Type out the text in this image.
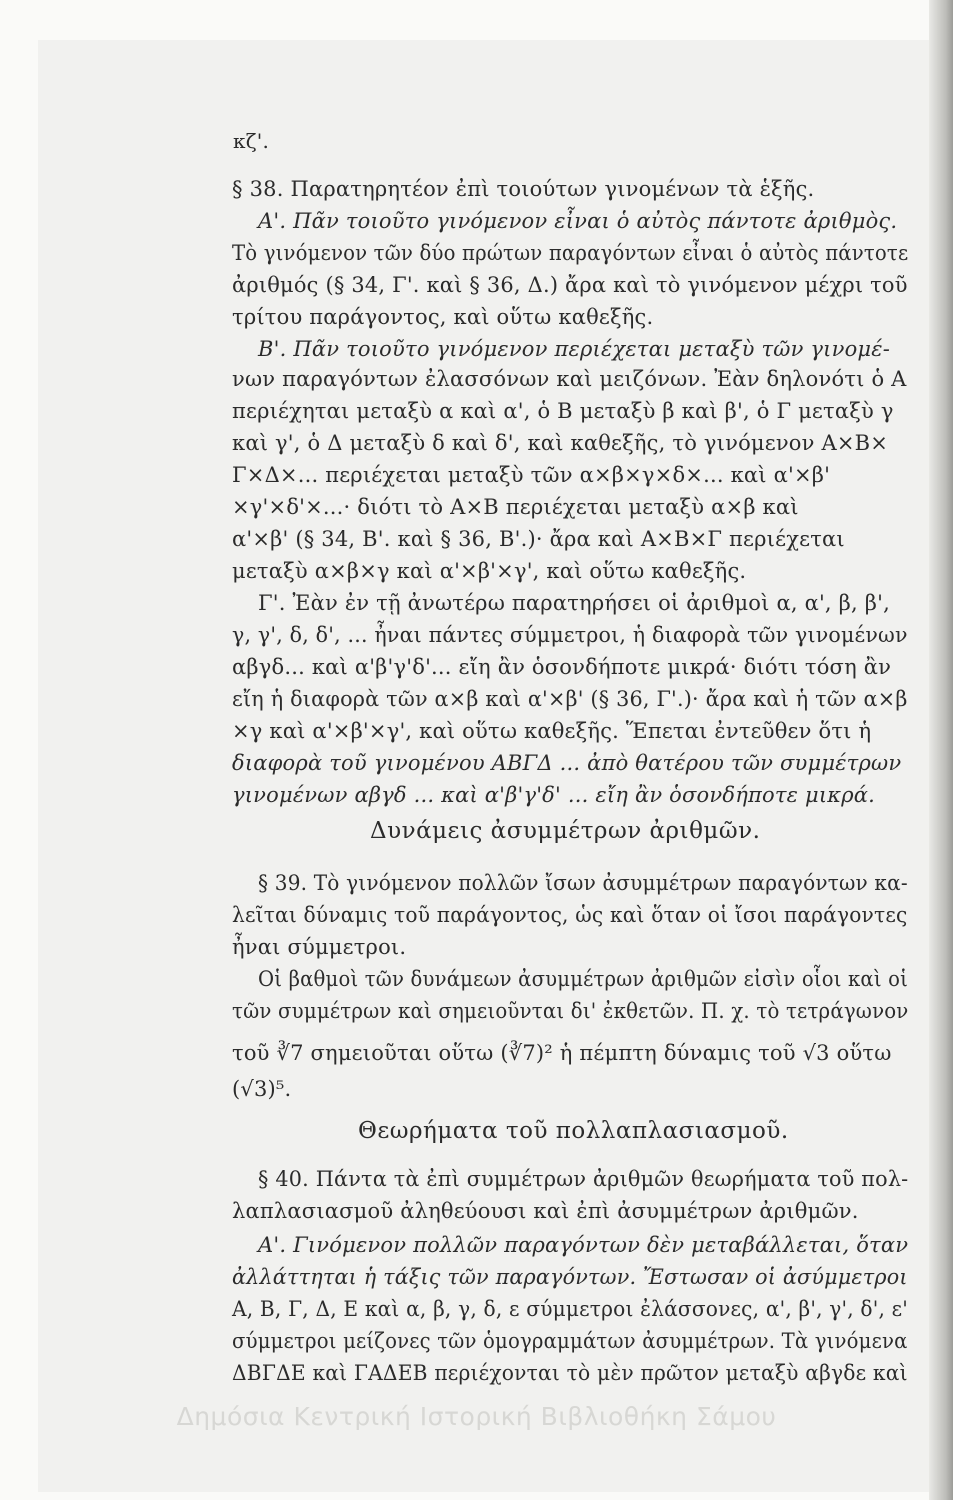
κζ'.
§ 38. Παρατηρητέον ἐπὶ τοιούτων γινομένων τὰ ἑξῆς.
Α'. Πᾶν τοιοῦτο γινόμενον εἶναι ὁ αὐτὸς πάντοτε ἀριθμὸς.
Τὸ γινόμενον τῶν δύο πρώτων παραγόντων εἶναι ὁ αὐτὸς πάντοτε
ἀριθμός (§ 34, Γ'. καὶ § 36, Δ.) ἄρα καὶ τὸ γινόμενον μέχρι τοῦ
τρίτου παράγοντος, καὶ οὕτω καθεξῆς.
Β'. Πᾶν τοιοῦτο γινόμενον περιέχεται μεταξὺ τῶν γινομέ-
νων παραγόντων ἐλασσόνων καὶ μειζόνων. Ἐὰν δηλονότι ὁ Α
περιέχηται μεταξὺ α καὶ α', ὁ Β μεταξὺ β καὶ β', ὁ Γ μεταξὺ γ
καὶ γ', ὁ Δ μεταξὺ δ καὶ δ', καὶ καθεξῆς, τὸ γινόμενον Α×Β×
Γ×Δ×... περιέχεται μεταξὺ τῶν α×β×γ×δ×... καὶ α'×β'
×γ'×δ'×...· διότι τὸ Α×Β περιέχεται μεταξὺ α×β καὶ
α'×β' (§ 34, Β'. καὶ § 36, Β'.)· ἄρα καὶ Α×Β×Γ περιέχεται
μεταξὺ α×β×γ καὶ α'×β'×γ', καὶ οὕτω καθεξῆς.
Γ'. Ἐὰν ἐν τῇ ἀνωτέρω παρατηρήσει οἱ ἀριθμοὶ α, α', β, β',
γ, γ', δ, δ', ... ἦναι πάντες σύμμετροι, ἡ διαφορὰ τῶν γινομένων
αβγδ... καὶ α'β'γ'δ'... εἴη ἂν ὁσονδήποτε μικρά· διότι τόση ἂν
εἴη ἡ διαφορὰ τῶν α×β καὶ α'×β' (§ 36, Γ'.)· ἄρα καὶ ἡ τῶν α×β
×γ καὶ α'×β'×γ', καὶ οὕτω καθεξῆς. Ἕπεται ἐντεῦθεν ὅτι ἡ
διαφορὰ τοῦ γινομένου ΑΒΓΔ ... ἀπὸ θατέρου τῶν συμμέτρων
γινομένων αβγδ ... καὶ α'β'γ'δ' ... εἴη ἂν ὁσονδήποτε μικρά.
Δυνάμεις ἀσυμμέτρων ἀριθμῶν.
§ 39. Τὸ γινόμενον πολλῶν ἴσων ἀσυμμέτρων παραγόντων κα-
λεῖται δύναμις τοῦ παράγοντος, ὡς καὶ ὅταν οἱ ἴσοι παράγοντες
ἦναι σύμμετροι.
Οἱ βαθμοὶ τῶν δυνάμεων ἀσυμμέτρων ἀριθμῶν εἰσὶν οἷοι καὶ οἱ
τῶν συμμέτρων καὶ σημειοῦνται δι' ἐκθετῶν. Π. χ. τὸ τετράγωνον
τοῦ ∛7 σημειοῦται οὕτω (∛7)² ἡ πέμπτη δύναμις τοῦ √3 οὕτω
(√3)⁵.
Θεωρήματα τοῦ πολλαπλασιασμοῦ.
§ 40. Πάντα τὰ ἐπὶ συμμέτρων ἀριθμῶν θεωρήματα τοῦ πολ-
λαπλασιασμοῦ ἀληθεύουσι καὶ ἐπὶ ἀσυμμέτρων ἀριθμῶν.
Α'. Γινόμενον πολλῶν παραγόντων δὲν μεταβάλλεται, ὅταν
ἀλλάττηται ἡ τάξις τῶν παραγόντων. Ἔστωσαν οἱ ἀσύμμετροι
Α, Β, Γ, Δ, Ε καὶ α, β, γ, δ, ε σύμμετροι ἐλάσσονες, α', β', γ', δ', ε'
σύμμετροι μείζονες τῶν ὁμογραμμάτων ἀσυμμέτρων. Τὰ γινόμενα
ΔΒΓΔΕ καὶ ΓΑΔΕΒ περιέχονται τὸ μὲν πρῶτον μεταξὺ αβγδε καὶ
Δημόσια Κεντρική Ιστορική Βιβλιοθήκη Σάμου
